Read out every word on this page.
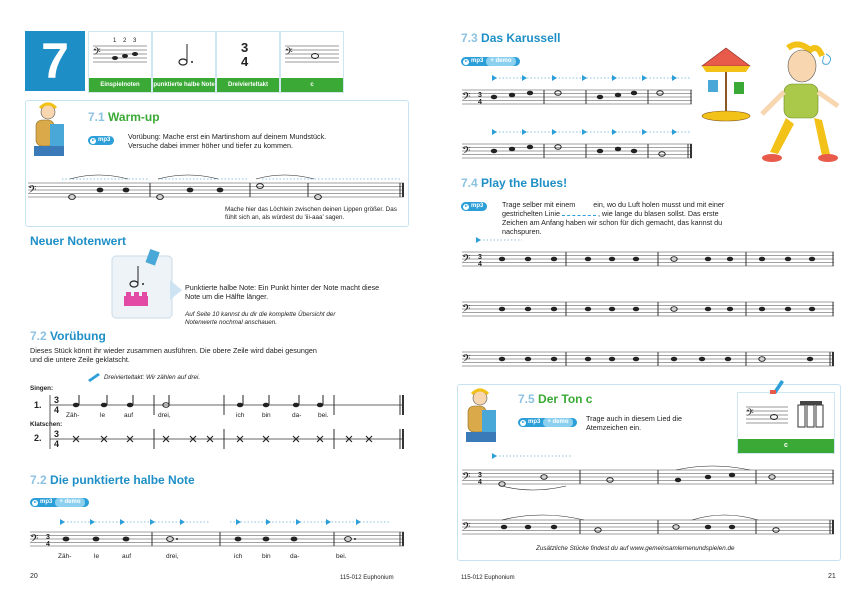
7	𝄢
1 2 3
Einspielnoten	punktierte halbe Note
3
4
Dreivierteltakt
𝄢
c
7.1 Warm-up
mp3	Vorübung: Mache erst ein Martinshorn auf deinem Mundstück. Versuche dabei immer höher und tiefer zu kommen.
𝄢
Mache hier das Löchlein zwischen deinen Lippen größer. Das fühlt sich an, als würdest du 'iii-aaa' sagen.
Neuer Notenwert
Punktierte halbe Note: Ein Punkt hinter der Note macht diese Note um die Hälfte länger.
Auf Seite 10 kannst du dir die komplette Übersicht der Notenwerte nochmal anschauen.
7.2 Vorübung
Dieses Stück könnt ihr wieder zusammen ausführen. Die obere Zeile wird dabei gesungen und die untere Zeile geklatscht.
Dreivierteltakt: Wir zählen auf drei.
Singen:
1.
Klatschen:
2.
3
4
3
4
Zäh-	le	auf	drei,	ich	bin	da-	bei.
7.2 Die punktierte halbe Note
mp3 + demo
𝄢 3
4
Zäh-	le	auf	drei,	ich	bin	da-	bei.
20	115-012 Euphonium
7.3 Das Karussell
mp3 + demo
𝄢 3
4
𝄢
7.4 Play the Blues!
mp3	Trage selber mit einem	ein, wo du Luft holen musst und mit einer gestrichelten Linie	, wie lange du blasen sollst. Das erste Zeichen am Anfang haben wir schon für dich gemacht, das kannst du nachspuren.
𝄢
𝄢
𝄢
3
4
7.5 Der Ton c
mp3 + demo	Trage auch in diesem Lied die Atemzeichen ein.
𝄢
c
𝄢
𝄢
3
4
Zusätzliche Stücke findest du auf www.gemeinsamlernenundspielen.de
115-012 Euphonium	21
